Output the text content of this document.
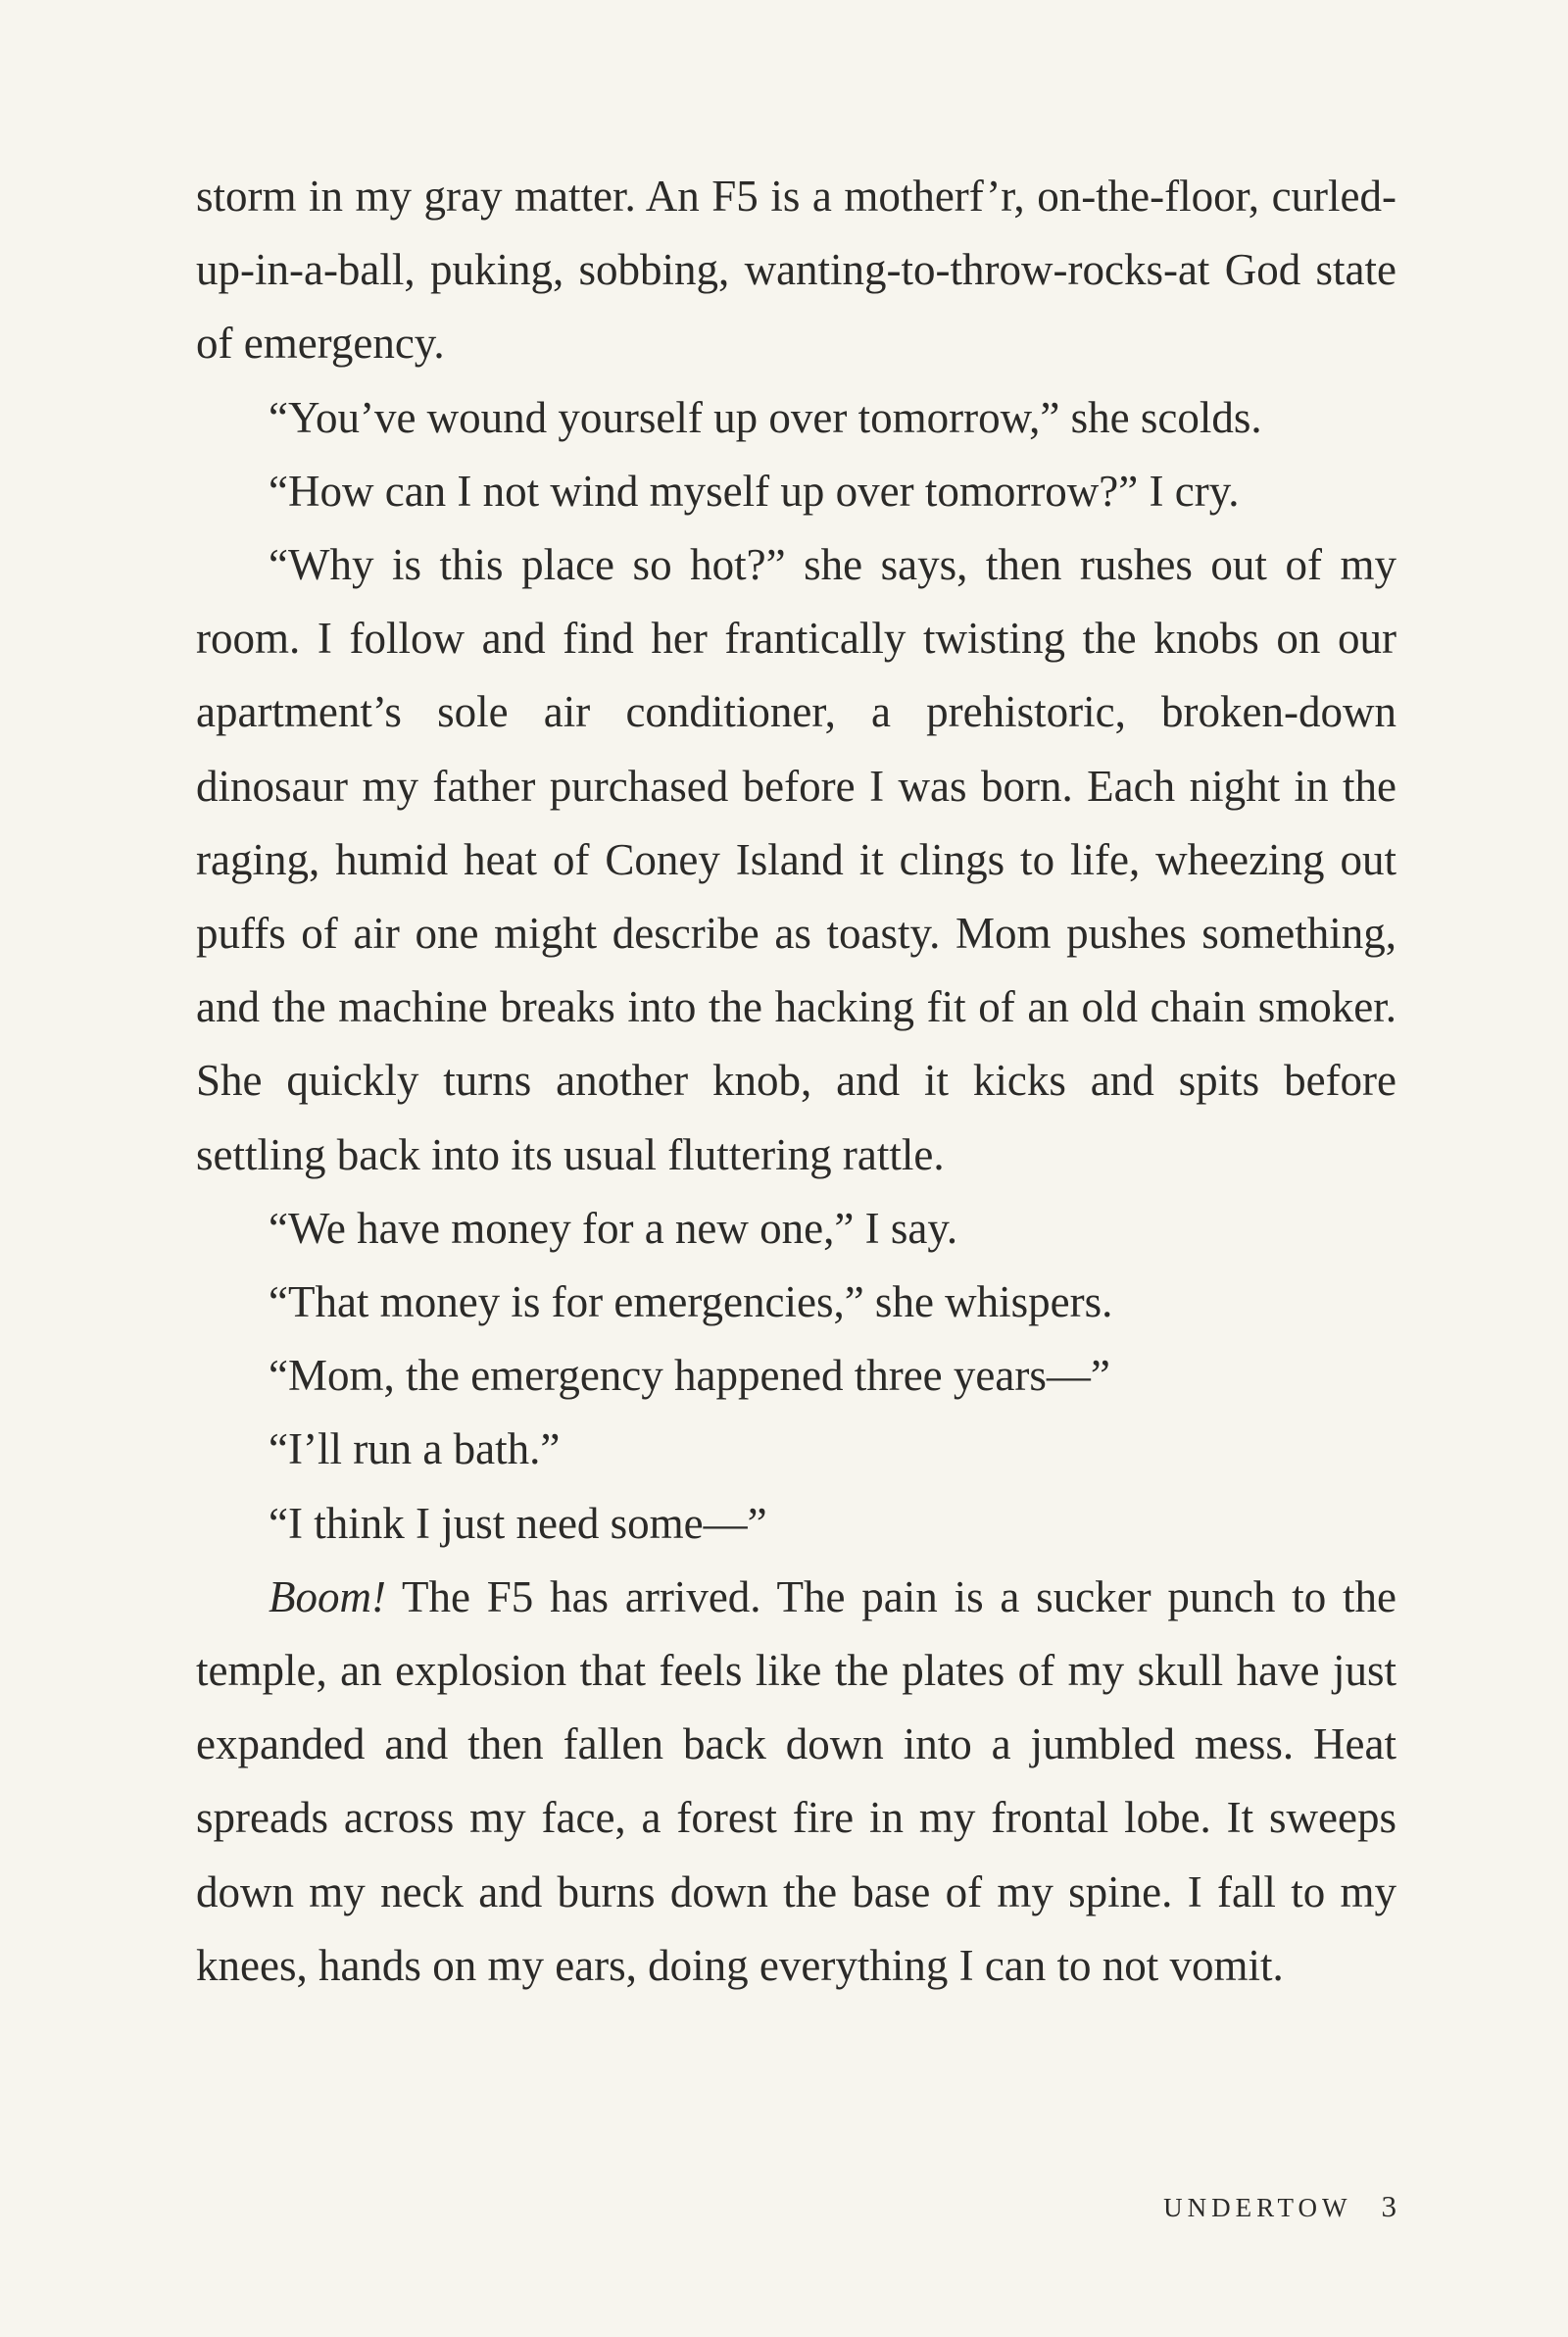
storm in my gray matter. An F5 is a motherf’r, on-the-floor, curled-up-in-a-ball, puking, sobbing, wanting-to-throw-rocks-at God state of emergency.

“You’ve wound yourself up over tomorrow,” she scolds.

“How can I not wind myself up over tomorrow?” I cry.

“Why is this place so hot?” she says, then rushes out of my room. I follow and find her frantically twisting the knobs on our apartment’s sole air conditioner, a prehistoric, broken-down dinosaur my father purchased before I was born. Each night in the raging, humid heat of Coney Island it clings to life, wheezing out puffs of air one might describe as toasty. Mom pushes something, and the machine breaks into the hacking fit of an old chain smoker. She quickly turns another knob, and it kicks and spits before settling back into its usual fluttering rattle.

“We have money for a new one,” I say.

“That money is for emergencies,” she whispers.

“Mom, the emergency happened three years—”

“I’ll run a bath.”

“I think I just need some—”

Boom! The F5 has arrived. The pain is a sucker punch to the temple, an explosion that feels like the plates of my skull have just expanded and then fallen back down into a jumbled mess. Heat spreads across my face, a forest fire in my frontal lobe. It sweeps down my neck and burns down the base of my spine. I fall to my knees, hands on my ears, doing everything I can to not vomit.

UNDERTOW 3
